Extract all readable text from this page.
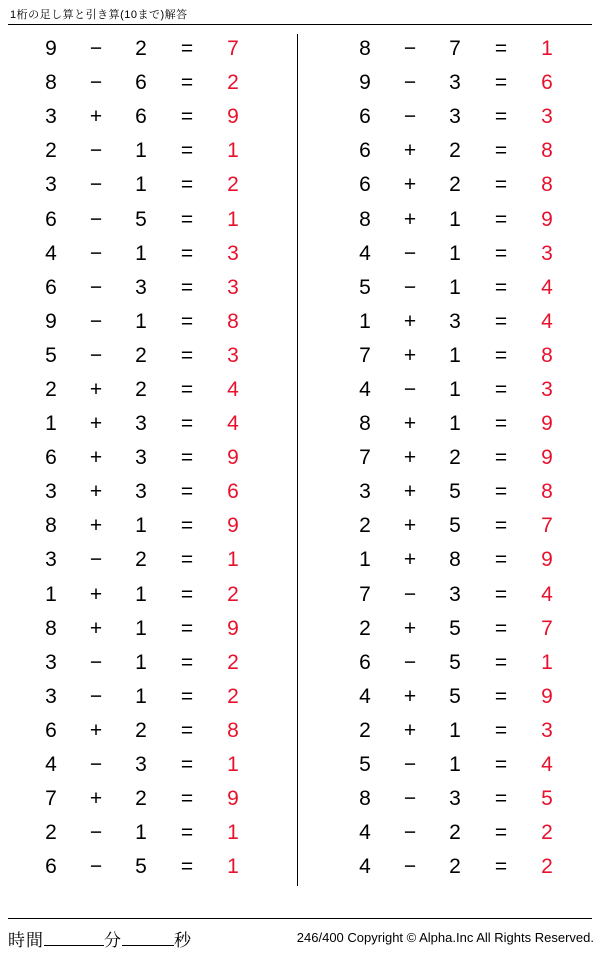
1桁の足し算と引き算(10まで)解答
9	−	2	=	7
8	−	6	=	2
3	+	6	=	9
2	−	1	=	1
3	−	1	=	2
6	−	5	=	1
4	−	1	=	3
6	−	3	=	3
9	−	1	=	8
5	−	2	=	3
2	+	2	=	4
1	+	3	=	4
6	+	3	=	9
3	+	3	=	6
8	+	1	=	9
3	−	2	=	1
1	+	1	=	2
8	+	1	=	9
3	−	1	=	2
3	−	1	=	2
6	+	2	=	8
4	−	3	=	1
7	+	2	=	9
2	−	1	=	1
6	−	5	=	1
8	−	7	=	1
9	−	3	=	6
6	−	3	=	3
6	+	2	=	8
6	+	2	=	8
8	+	1	=	9
4	−	1	=	3
5	−	1	=	4
1	+	3	=	4
7	+	1	=	8
4	−	1	=	3
8	+	1	=	9
7	+	2	=	9
3	+	5	=	8
2	+	5	=	7
1	+	8	=	9
7	−	3	=	4
2	+	5	=	7
6	−	5	=	1
4	+	5	=	9
2	+	1	=	3
5	−	1	=	4
8	−	3	=	5
4	−	2	=	2
4	−	2	=	2
時間	分	秒	246/400 Copyright © Alpha.Inc All Rights Reserved.
